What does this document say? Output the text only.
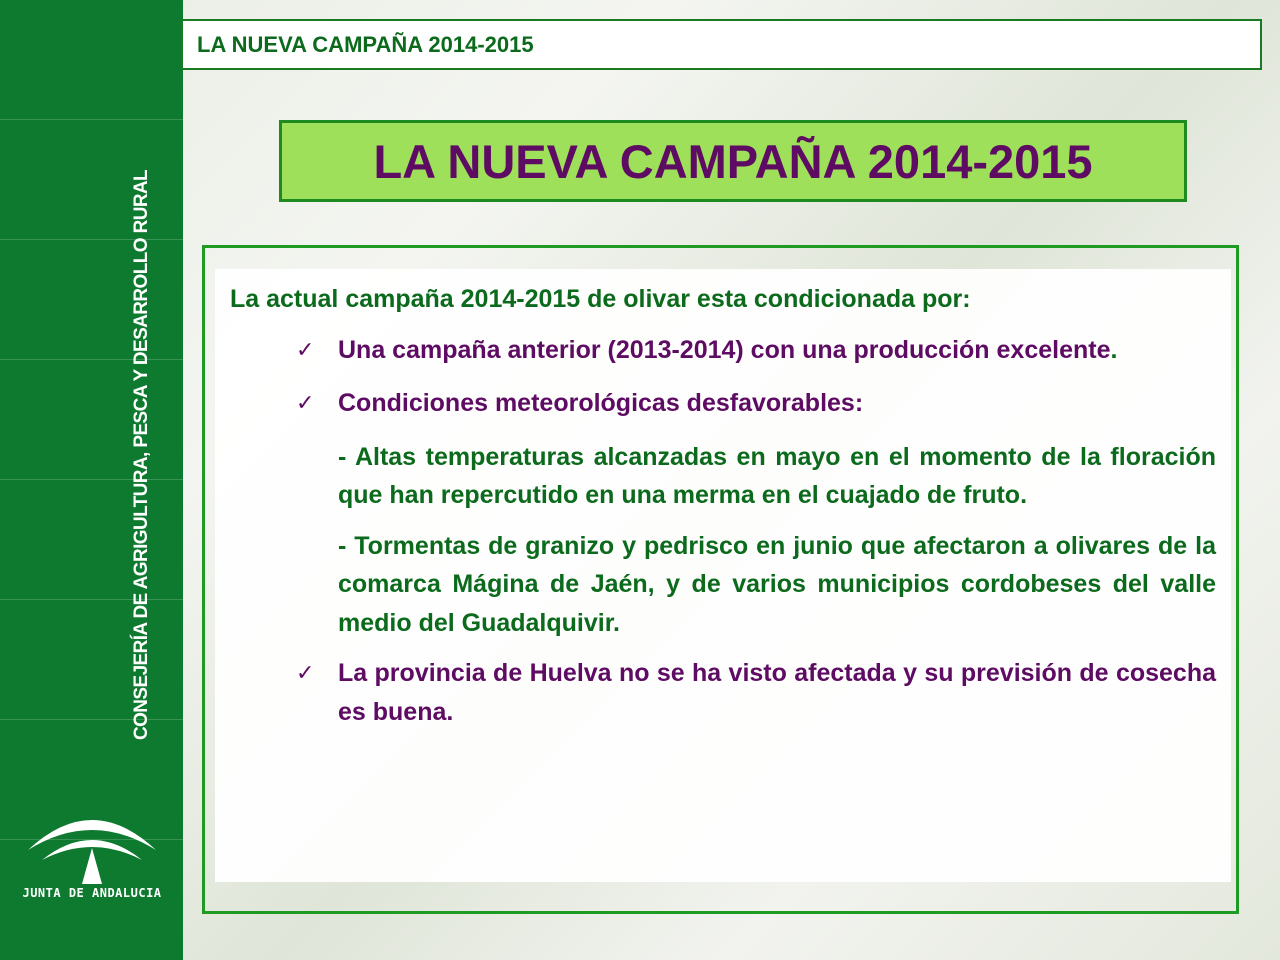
CONSEJERÍA DE AGRIGULTURA, PESCA Y DESARROLLO RURAL
JUNTA DE ANDALUCIA
LA NUEVA CAMPAÑA 2014-2015
LA NUEVA CAMPAÑA 2014-2015

La actual campaña 2014-2015 de olivar esta condicionada por:

✓ Una campaña anterior (2013-2014) con una producción excelente.
✓ Condiciones meteorológicas desfavorables:

- Altas temperaturas alcanzadas en mayo en el momento de la floración que han repercutido en una merma en el cuajado de fruto.

- Tormentas de granizo y pedrisco en junio que afectaron a olivares de la comarca Mágina de Jaén, y de varios municipios cordobeses del valle medio del Guadalquivir.

✓ La provincia de Huelva no se ha visto afectada y su previsión de cosecha es buena.
